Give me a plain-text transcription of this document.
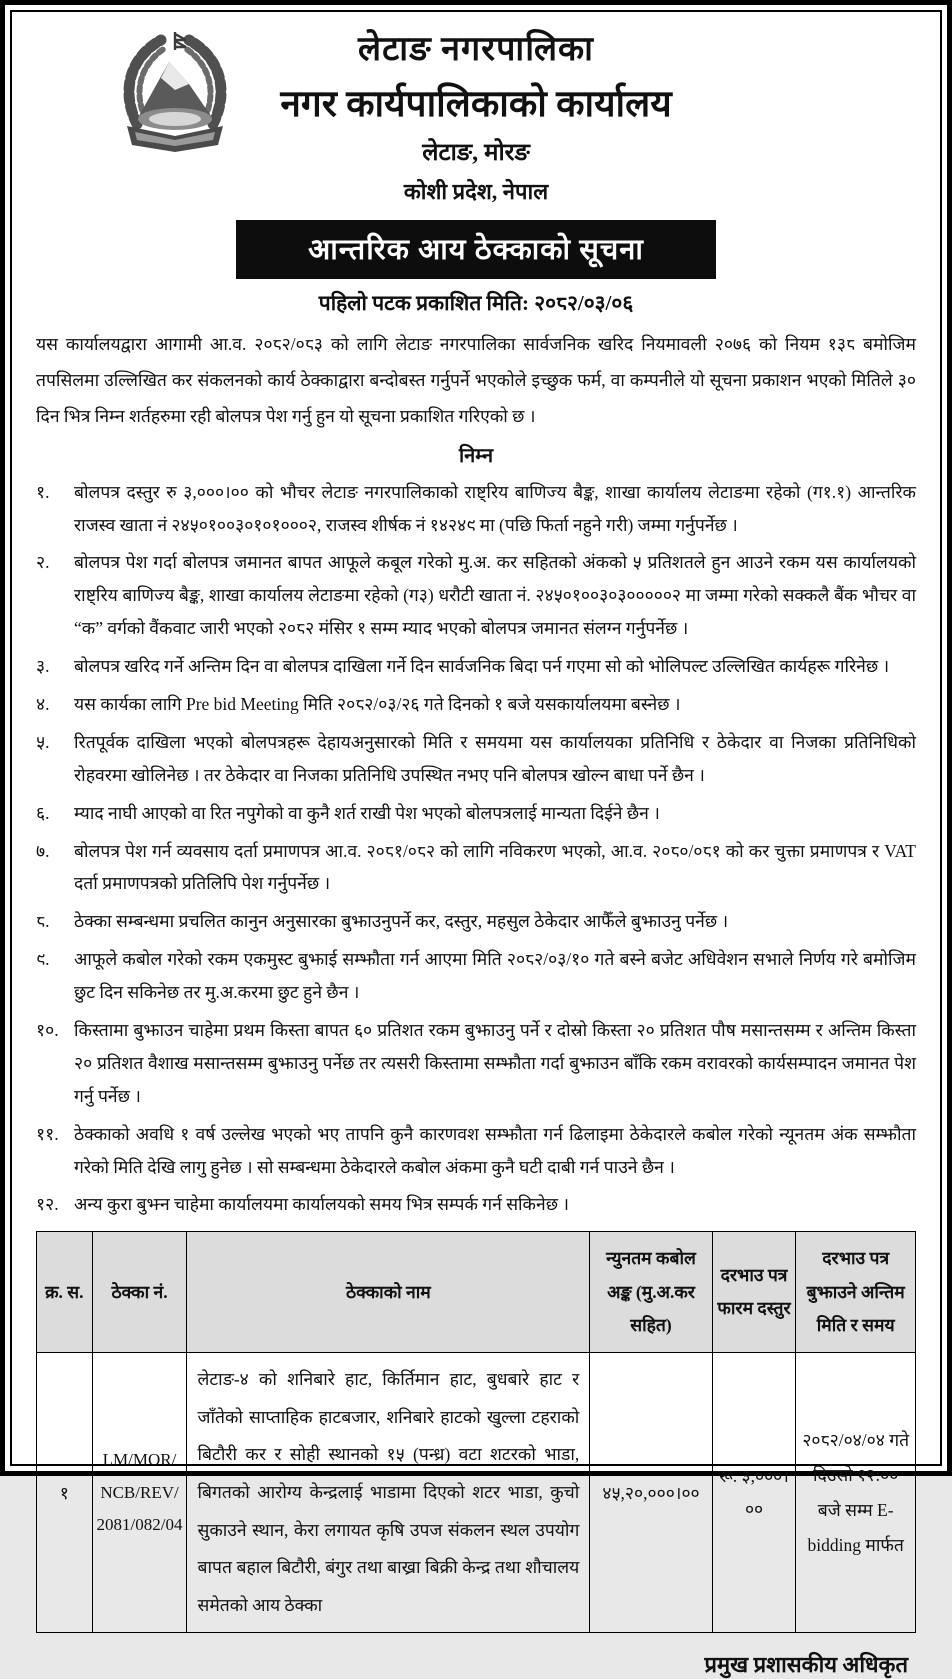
लेटाङ नगरपालिका
नगर कार्यपालिकाको कार्यालय
लेटाङ, मोरङ
कोशी प्रदेश, नेपाल
आन्तरिक आय ठेक्काको सूचना
पहिलो पटक प्रकाशित मिति: २०८२/०३/०६

यस कार्यालयद्वारा आगामी आ.व. २०८२/०८३ को लागि लेटाङ नगरपालिका सार्वजनिक खरिद नियमावली २०७६ को नियम १३८ बमोजिम तपसिलमा उल्लिखित कर संकलनको कार्य ठेक्काद्वारा बन्दोबस्त गर्नुपर्ने भएकोले इच्छुक फर्म, वा कम्पनीले यो सूचना प्रकाशन भएको मितिले ३० दिन भित्र निम्न शर्तहरुमा रही बोलपत्र पेश गर्नु हुन यो सूचना प्रकाशित गरिएको छ ।

निम्न
१.	बोलपत्र दस्तुर रु ३,०००।०० को भौचर लेटाङ नगरपालिकाको राष्ट्रिय बाणिज्य बैङ्क, शाखा कार्यालय लेटाङमा रहेको (ग१.१) आन्तरिक राजस्व खाता नं २४५०१००३०१०१०००२, राजस्व शीर्षक नं १४२४९ मा (पछि फिर्ता नहुने गरी) जम्मा गर्नुपर्नेछ ।
२.	बोलपत्र पेश गर्दा बोलपत्र जमानत बापत आफूले कबूल गरेको मु.अ. कर सहितको अंकको ५ प्रतिशतले हुन आउने रकम यस कार्यालयको राष्ट्रिय बाणिज्य बैङ्क, शाखा कार्यालय लेटाङमा रहेको (ग३) धरौटी खाता नं. २४५०१००३०३०००००२ मा जम्मा गरेको सक्कलै बैंक भौचर वा “क” वर्गको वैंकवाट जारी भएको २०८२ मंसिर १ सम्म म्याद भएको बोलपत्र जमानत संलग्न गर्नुपर्नेछ ।
३.	बोलपत्र खरिद गर्ने अन्तिम दिन वा बोलपत्र दाखिला गर्ने दिन सार्वजनिक बिदा पर्न गएमा सो को भोलिपल्ट उल्लिखित कार्यहरू गरिनेछ ।
४.	यस कार्यका लागि Pre bid Meeting मिति २०८२/०३/२६ गते दिनको १ बजे यसकार्यालयमा बस्नेछ ।
५.	रितपूर्वक दाखिला भएको बोलपत्रहरू देहायअनुसारको मिति र समयमा यस कार्यालयका प्रतिनिधि र ठेकेदार वा निजका प्रतिनिधिको रोहवरमा खोलिनेछ । तर ठेकेदार वा निजका प्रतिनिधि उपस्थित नभए पनि बोलपत्र खोल्न बाधा पर्ने छैन ।
६.	म्याद नाघी आएको वा रित नपुगेको वा कुनै शर्त राखी पेश भएको बोलपत्रलाई मान्यता दिईने छैन ।
७.	बोलपत्र पेश गर्न व्यवसाय दर्ता प्रमाणपत्र आ.व. २०८१/०८२ को लागि नविकरण भएको, आ.व. २०८०/०८१ को कर चुक्ता प्रमाणपत्र र VAT दर्ता प्रमाणपत्रको प्रतिलिपि पेश गर्नुपर्नेछ ।
८.	ठेक्का सम्बन्धमा प्रचलित कानुन अनुसारका बुझाउनुपर्ने कर, दस्तुर, महसुल ठेकेदार आफैँले बुझाउनु पर्नेछ ।
९.	आफूले कबोल गरेको रकम एकमुस्ट बुझाई सम्झौता गर्न आएमा मिति २०८२/०३/१० गते बस्ने बजेट अधिवेशन सभाले निर्णय गरे बमोजिम छुट दिन सकिनेछ तर मु.अ.करमा छुट हुने छैन ।
१०. किस्तामा बुझाउन चाहेमा प्रथम किस्ता बापत ६० प्रतिशत रकम बुझाउनु पर्ने र दोस्रो किस्ता २० प्रतिशत पौष मसान्तसम्म र अन्तिम किस्ता २० प्रतिशत वैशाख मसान्तसम्म बुझाउनु पर्नेछ तर त्यसरी किस्तामा सम्झौता गर्दा बुझाउन बाँकि रकम वरावरको कार्यसम्पादन जमानत पेश गर्नु पर्नेछ ।
११. ठेक्काको अवधि १ वर्ष उल्लेख भएको भए तापनि कुनै कारणवश सम्झौता गर्न ढिलाइमा ठेकेदारले कबोल गरेको न्यूनतम अंक सम्झौता गरेको मिति देखि लागु हुनेछ । सो सम्बन्धमा ठेकेदारले कबोल अंकमा कुनै घटी दाबी गर्न पाउने छैन ।
१२. अन्य कुरा बुझ्न चाहेमा कार्यालयमा कार्यालयको समय भित्र सम्पर्क गर्न सकिनेछ ।
क्र. स.	ठेक्का नं.	ठेक्काको नाम	न्युनतम कबोल अङ्क (मु.अ.कर सहित)	दरभाउ पत्र फारम दस्तुर	दरभाउ पत्र बुझाउने अन्तिम मिति र समय
१	LM/MOR/ NCB/REV/ 2081/082/04	लेटाङ-४ को शनिबारे हाट, किर्तिमान हाट, बुधबारे हाट र जाँतेको साप्ताहिक हाटबजार, शनिबारे हाटको खुल्ला टहराको बिटौरी कर र सोही स्थानको १५ (पन्ध्र) वटा शटरको भाडा, बिगतको आरोग्य केन्द्रलाई भाडामा दिएको शटर भाडा, कुचो सुकाउने स्थान, केरा लगायत कृषि उपज संकलन स्थल उपयोग बापत बहाल बिटौरी, बंगुर तथा बाख्रा बिक्री केन्द्र तथा शौचालय समेतको आय ठेक्का	४५,२०,०००।००	रू. ३,०००।००	२०८२/०४/०४ गते दिउसो १२:०० बजे सम्म E-bidding मार्फत
प्रमुख प्रशासकीय अधिकृत
